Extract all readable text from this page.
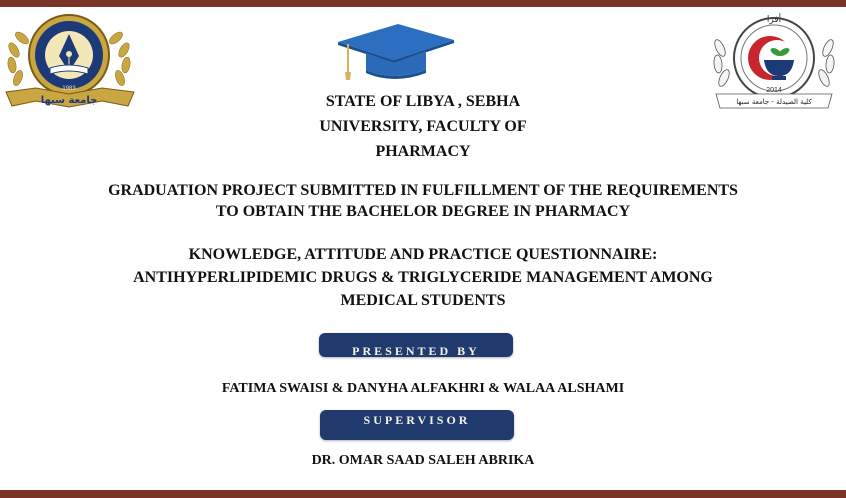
1983
جامعة سبها
أفرا
2014
كلية الصيدلة - جامعة سبها
STATE OF LIBYA , SEBHA
UNIVERSITY, FACULTY OF
PHARMACY
GRADUATION PROJECT SUBMITTED IN FULFILLMENT OF THE REQUIREMENTS
TO OBTAIN THE BACHELOR DEGREE IN PHARMACY
KNOWLEDGE, ATTITUDE AND PRACTICE QUESTIONNAIRE:
ANTIHYPERLIPIDEMIC DRUGS & TRIGLYCERIDE MANAGEMENT AMONG
MEDICAL STUDENTS
PRESENTED BY
FATIMA SWAISI & DANYHA ALFAKHRI & WALAA ALSHAMI
SUPERVISOR
DR. OMAR SAAD SALEH ABRIKA
